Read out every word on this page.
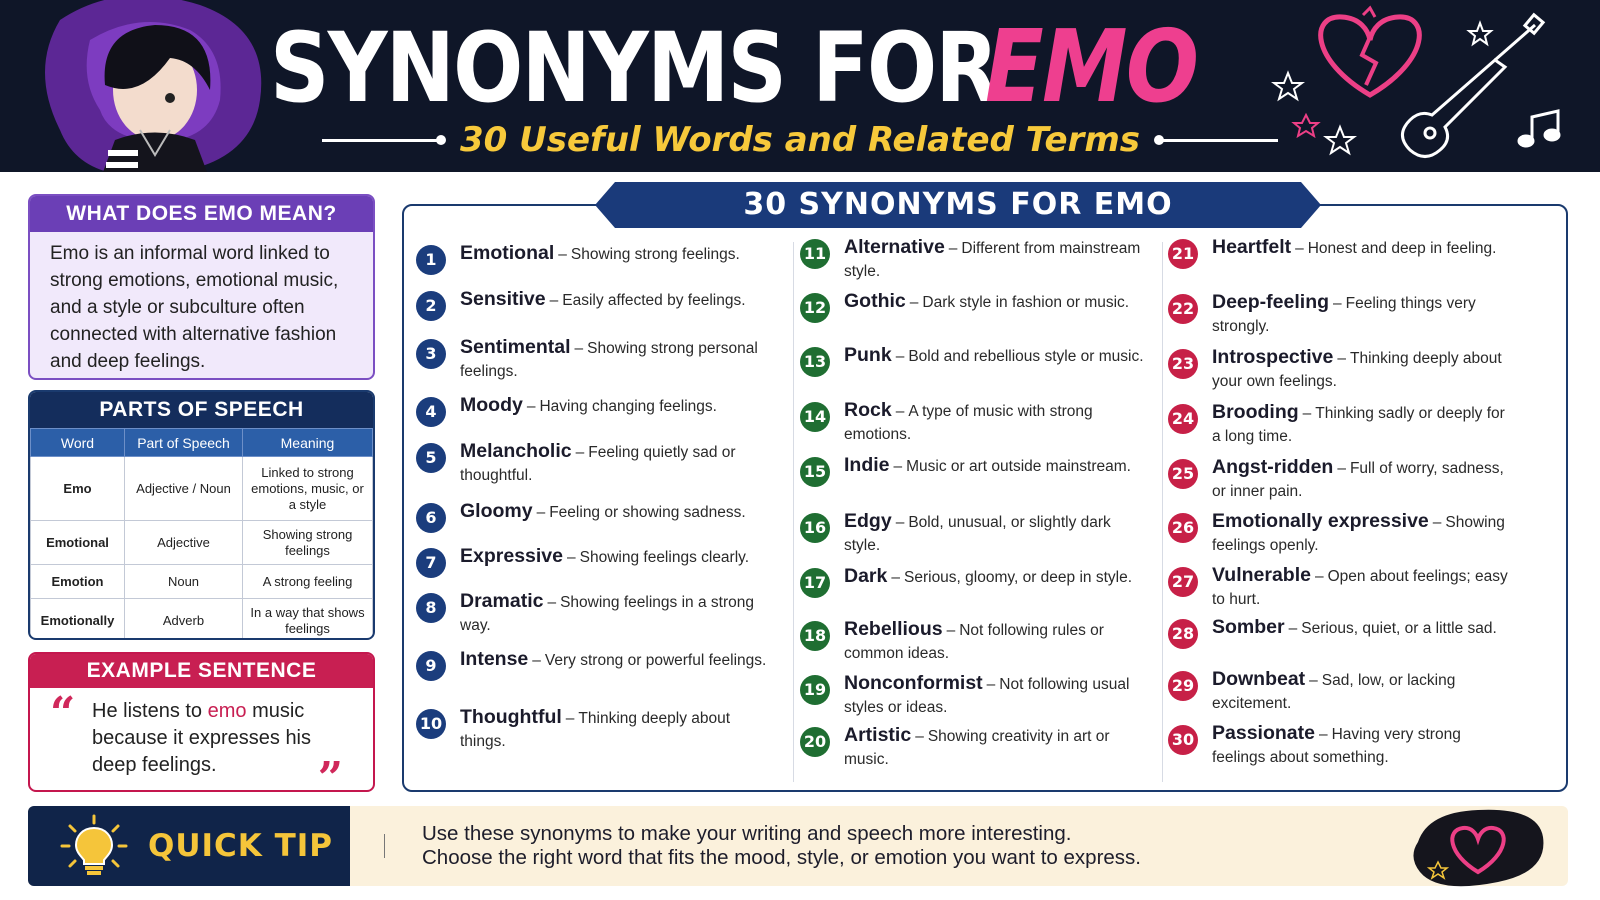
SYNONYMS FOR
EMO
30 Useful Words and Related Terms
WHAT DOES EMO MEAN?
Emo is an informal word linked to strong emotions, emotional music, and a style or subculture often connected with alternative fashion and deep feelings.
PARTS OF SPEECH
Word	Part of Speech	Meaning
Emo	Adjective / Noun	Linked to strong emotions, music, or a style
Emotional	Adjective	Showing strong feelings
Emotion	Noun	A strong feeling
Emotionally	Adverb	In a way that shows feelings
EXAMPLE SENTENCE
“ He listens to emo music because it expresses his deep feelings. ”
30 SYNONYMS FOR EMO
1	Emotional – Showing strong feelings.
2	Sensitive – Easily affected by feelings.
3	Sentimental – Showing strong personal feelings.
4	Moody – Having changing feelings.
5	Melancholic – Feeling quietly sad or thoughtful.
6	Gloomy – Feeling or showing sadness.
7	Expressive – Showing feelings clearly.
8	Dramatic – Showing feelings in a strong way.
9	Intense – Very strong or powerful feelings.
10 Thoughtful – Thinking deeply about things.
11 Alternative – Different from mainstream style.
12 Gothic – Dark style in fashion or music.
13 Punk – Bold and rebellious style or music.
14 Rock – A type of music with strong emotions.
15 Indie – Music or art outside mainstream.
16 Edgy – Bold, unusual, or slightly dark style.
17 Dark – Serious, gloomy, or deep in style.
18 Rebellious – Not following rules or common ideas.
19 Nonconformist – Not following usual styles or ideas.
20 Artistic – Showing creativity in art or music.
21 Heartfelt – Honest and deep in feeling.
22 Deep-feeling – Feeling things very strongly.
23 Introspective – Thinking deeply about your own feelings.
24 Brooding – Thinking sadly or deeply for a long time.
25 Angst-ridden – Full of worry, sadness, or inner pain.
26 Emotionally expressive – Showing feelings openly.
27 Vulnerable – Open about feelings; easy to hurt.
28 Somber – Serious, quiet, or a little sad.
29 Downbeat – Sad, low, or lacking excitement.
30 Passionate – Having very strong feelings about something.
QUICK TIP	Use these synonyms to make your writing and speech more interesting.
Choose the right word that fits the mood, style, or emotion you want to express.
